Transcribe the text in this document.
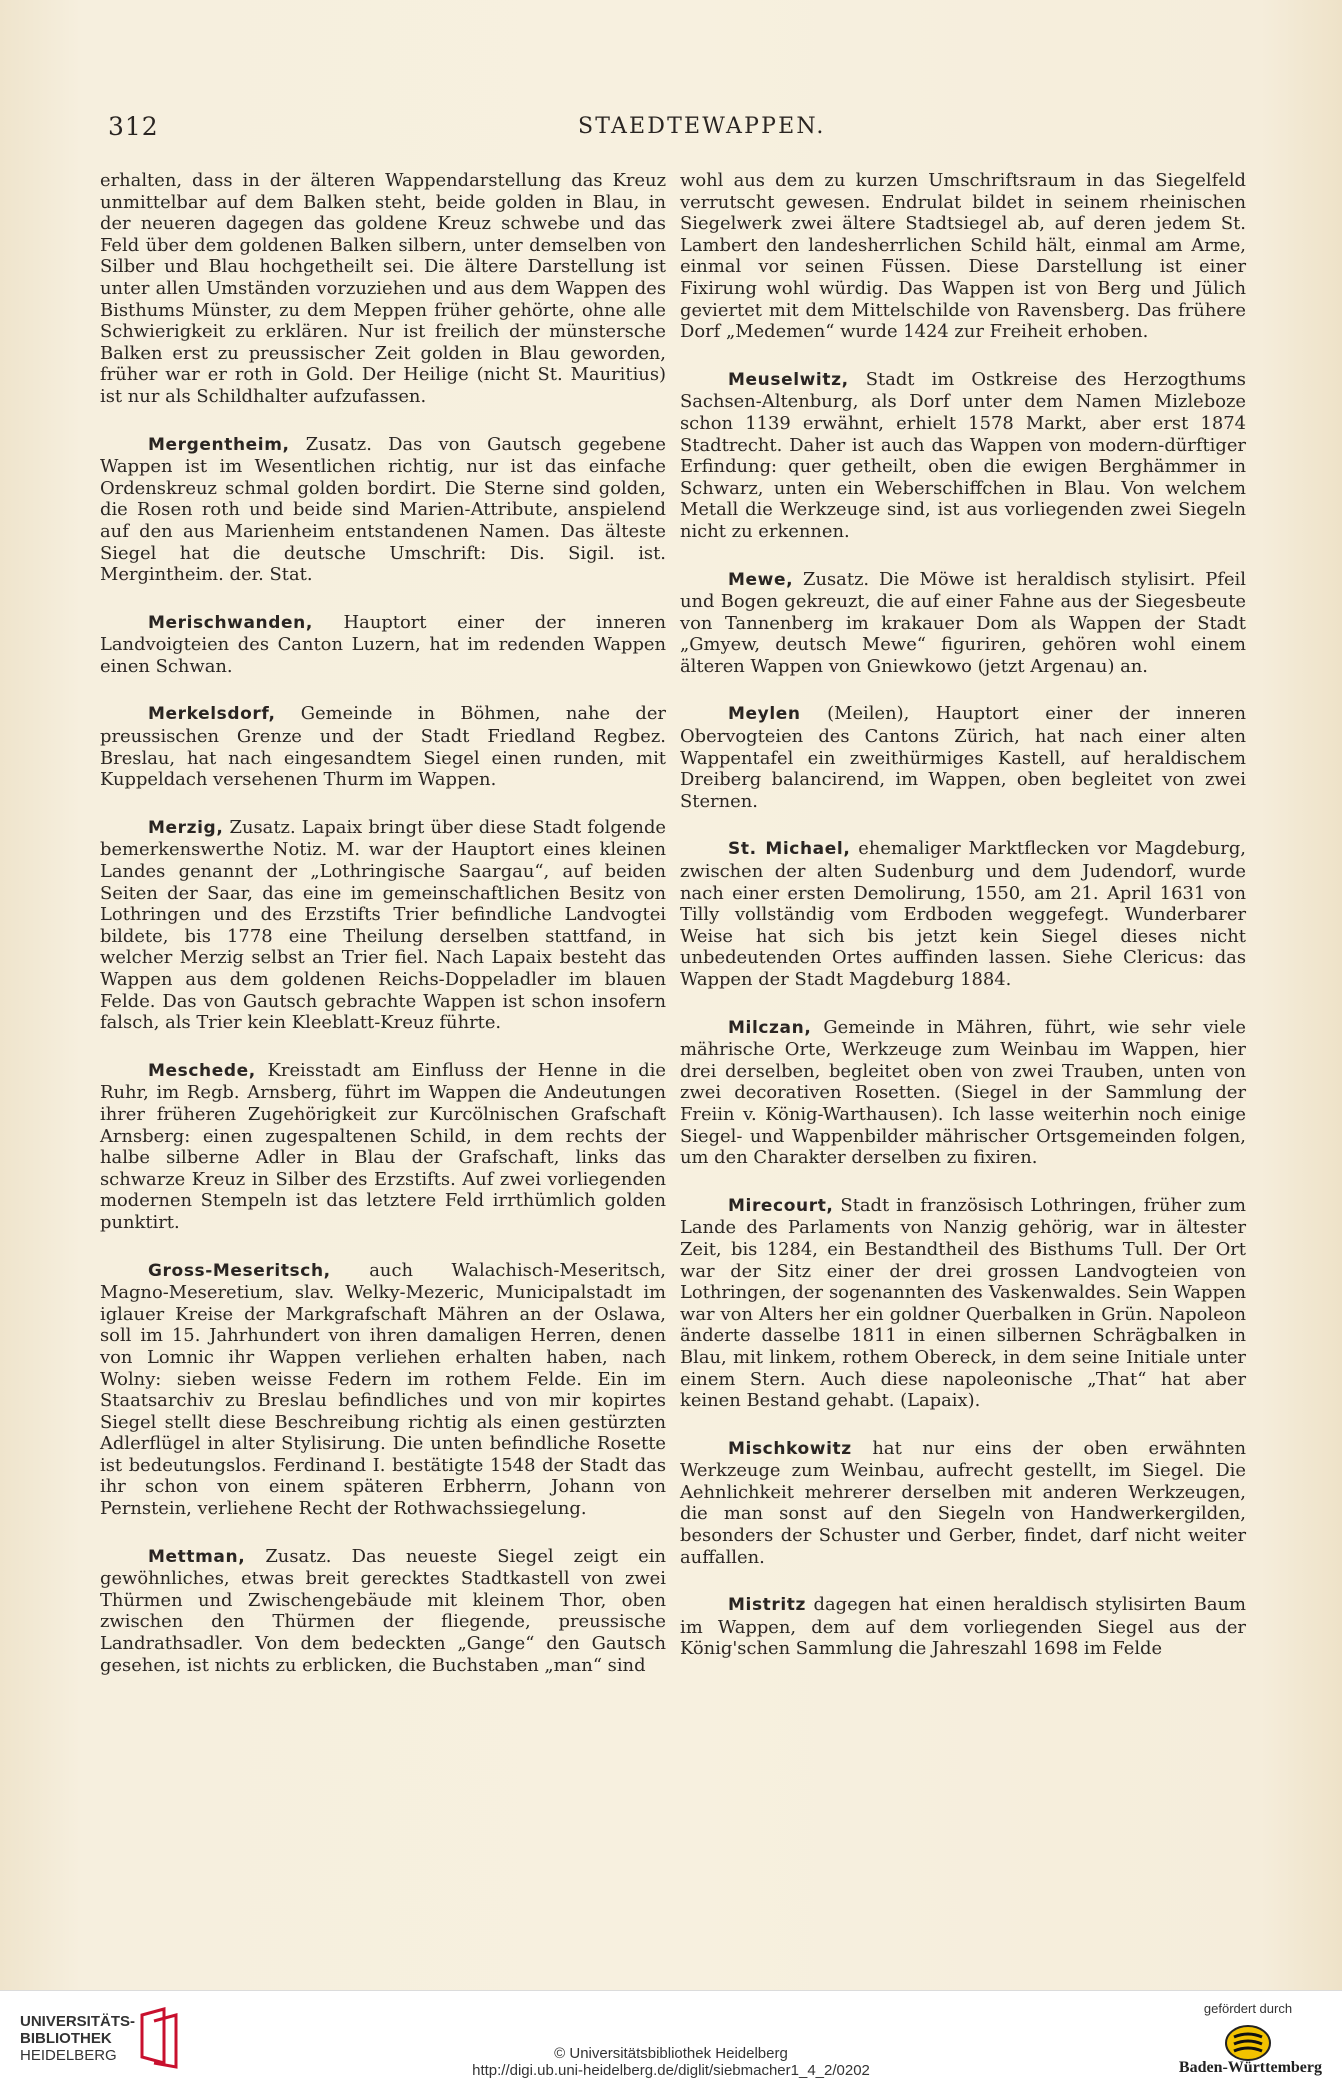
312	STAEDTEWAPPEN.

erhalten, dass in der älteren Wappendarstellung das Kreuz unmittelbar auf dem Balken steht, beide golden in Blau, in der neueren dagegen das goldene Kreuz schwebe und das Feld über dem goldenen Balken silbern, unter demselben von Silber und Blau hochgetheilt sei. Die ältere Darstellung ist unter allen Umständen vorzuziehen und aus dem Wappen des Bisthums Münster, zu dem Meppen früher gehörte, ohne alle Schwierigkeit zu erklären. Nur ist freilich der münstersche Balken erst zu preussischer Zeit golden in Blau geworden, früher war er roth in Gold. Der Heilige (nicht St. Mauritius) ist nur als Schildhalter aufzufassen.

Mergentheim, Zusatz. Das von Gautsch gegebene Wappen ist im Wesentlichen richtig, nur ist das einfache Ordenskreuz schmal golden bordirt. Die Sterne sind golden, die Rosen roth und beide sind Marien-Attribute, anspielend auf den aus Marienheim entstandenen Namen. Das älteste Siegel hat die deutsche Umschrift: Dis. Sigil. ist. Mergintheim. der. Stat.

Merischwanden, Hauptort einer der inneren Landvoigteien des Canton Luzern, hat im redenden Wappen einen Schwan.

Merkelsdorf, Gemeinde in Böhmen, nahe der preussischen Grenze und der Stadt Friedland Regbez. Breslau, hat nach eingesandtem Siegel einen runden, mit Kuppeldach versehenen Thurm im Wappen.

Merzig, Zusatz. Lapaix bringt über diese Stadt folgende bemerkenswerthe Notiz. M. war der Hauptort eines kleinen Landes genannt der „Lothringische Saargau“, auf beiden Seiten der Saar, das eine im gemeinschaftlichen Besitz von Lothringen und des Erzstifts Trier befindliche Landvogtei bildete, bis 1778 eine Theilung derselben stattfand, in welcher Merzig selbst an Trier fiel. Nach Lapaix besteht das Wappen aus dem goldenen Reichs-Doppeladler im blauen Felde. Das von Gautsch gebrachte Wappen ist schon insofern falsch, als Trier kein Kleeblatt-Kreuz führte.

Meschede, Kreisstadt am Einfluss der Henne in die Ruhr, im Regb. Arnsberg, führt im Wappen die Andeutungen ihrer früheren Zugehörigkeit zur Kurcölnischen Grafschaft Arnsberg: einen zugespaltenen Schild, in dem rechts der halbe silberne Adler in Blau der Grafschaft, links das schwarze Kreuz in Silber des Erzstifts. Auf zwei vorliegenden modernen Stempeln ist das letztere Feld irrthümlich golden punktirt.

Gross-Meseritsch, auch Walachisch-Meseritsch, Magno-Meseretium, slav. Welky-Mezeric, Municipalstadt im iglauer Kreise der Markgrafschaft Mähren an der Oslawa, soll im 15. Jahrhundert von ihren damaligen Herren, denen von Lomnic ihr Wappen verliehen erhalten haben, nach Wolny: sieben weisse Federn im rothem Felde. Ein im Staatsarchiv zu Breslau befindliches und von mir kopirtes Siegel stellt diese Beschreibung richtig als einen gestürzten Adlerflügel in alter Stylisirung. Die unten befindliche Rosette ist bedeutungslos. Ferdinand I. bestätigte 1548 der Stadt das ihr schon von einem späteren Erbherrn, Johann von Pernstein, verliehene Recht der Rothwachssiegelung.

Mettman, Zusatz. Das neueste Siegel zeigt ein gewöhnliches, etwas breit gerecktes Stadtkastell von zwei Thürmen und Zwischengebäude mit kleinem Thor, oben zwischen den Thürmen der fliegende, preussische Landrathsadler. Von dem bedeckten „Gange“ den Gautsch gesehen, ist nichts zu erblicken, die Buchstaben „man“ sind

wohl aus dem zu kurzen Umschriftsraum in das Siegelfeld verrutscht gewesen. Endrulat bildet in seinem rheinischen Siegelwerk zwei ältere Stadtsiegel ab, auf deren jedem St. Lambert den landesherrlichen Schild hält, einmal am Arme, einmal vor seinen Füssen. Diese Darstellung ist einer Fixirung wohl würdig. Das Wappen ist von Berg und Jülich geviertet mit dem Mittelschilde von Ravensberg. Das frühere Dorf „Medemen“ wurde 1424 zur Freiheit erhoben.

Meuselwitz, Stadt im Ostkreise des Herzogthums Sachsen-Altenburg, als Dorf unter dem Namen Mizleboze schon 1139 erwähnt, erhielt 1578 Markt, aber erst 1874 Stadtrecht. Daher ist auch das Wappen von modern-dürftiger Erfindung: quer getheilt, oben die ewigen Berghämmer in Schwarz, unten ein Weberschiffchen in Blau. Von welchem Metall die Werkzeuge sind, ist aus vorliegenden zwei Siegeln nicht zu erkennen.

Mewe, Zusatz. Die Möwe ist heraldisch stylisirt. Pfeil und Bogen gekreuzt, die auf einer Fahne aus der Siegesbeute von Tannenberg im krakauer Dom als Wappen der Stadt „Gmyew, deutsch Mewe“ figuriren, gehören wohl einem älteren Wappen von Gniewkowo (jetzt Argenau) an.

Meylen (Meilen), Hauptort einer der inneren Obervogteien des Cantons Zürich, hat nach einer alten Wappentafel ein zweithürmiges Kastell, auf heraldischem Dreiberg balancirend, im Wappen, oben begleitet von zwei Sternen.

St. Michael, ehemaliger Marktflecken vor Magdeburg, zwischen der alten Sudenburg und dem Judendorf, wurde nach einer ersten Demolirung, 1550, am 21. April 1631 von Tilly vollständig vom Erdboden weggefegt. Wunderbarer Weise hat sich bis jetzt kein Siegel dieses nicht unbedeutenden Ortes auffinden lassen. Siehe Clericus: das Wappen der Stadt Magdeburg 1884.

Milczan, Gemeinde in Mähren, führt, wie sehr viele mährische Orte, Werkzeuge zum Weinbau im Wappen, hier drei derselben, begleitet oben von zwei Trauben, unten von zwei decorativen Rosetten. (Siegel in der Sammlung der Freiin v. König-Warthausen). Ich lasse weiterhin noch einige Siegel- und Wappenbilder mährischer Ortsgemeinden folgen, um den Charakter derselben zu fixiren.

Mirecourt, Stadt in französisch Lothringen, früher zum Lande des Parlaments von Nanzig gehörig, war in ältester Zeit, bis 1284, ein Bestandtheil des Bisthums Tull. Der Ort war der Sitz einer der drei grossen Landvogteien von Lothringen, der sogenannten des Vaskenwaldes. Sein Wappen war von Alters her ein goldner Querbalken in Grün. Napoleon änderte dasselbe 1811 in einen silbernen Schrägbalken in Blau, mit linkem, rothem Obereck, in dem seine Initiale unter einem Stern. Auch diese napoleonische „That“ hat aber keinen Bestand gehabt. (Lapaix).

Mischkowitz hat nur eins der oben erwähnten Werkzeuge zum Weinbau, aufrecht gestellt, im Siegel. Die Aehnlichkeit mehrerer derselben mit anderen Werkzeugen, die man sonst auf den Siegeln von Handwerkergilden, besonders der Schuster und Gerber, findet, darf nicht weiter auffallen.

Mistritz dagegen hat einen heraldisch stylisirten Baum im Wappen, dem auf dem vorliegenden Siegel aus der König'schen Sammlung die Jahreszahl 1698 im Felde

UNIVERSITÄTS-
BIBLIOTHEK
HEIDELBERG	© Universitätsbibliothek Heidelberg
http://digi.ub.uni-heidelberg.de/diglit/siebmacher1_4_2/0202
gefördert durch
Baden-Württemberg
